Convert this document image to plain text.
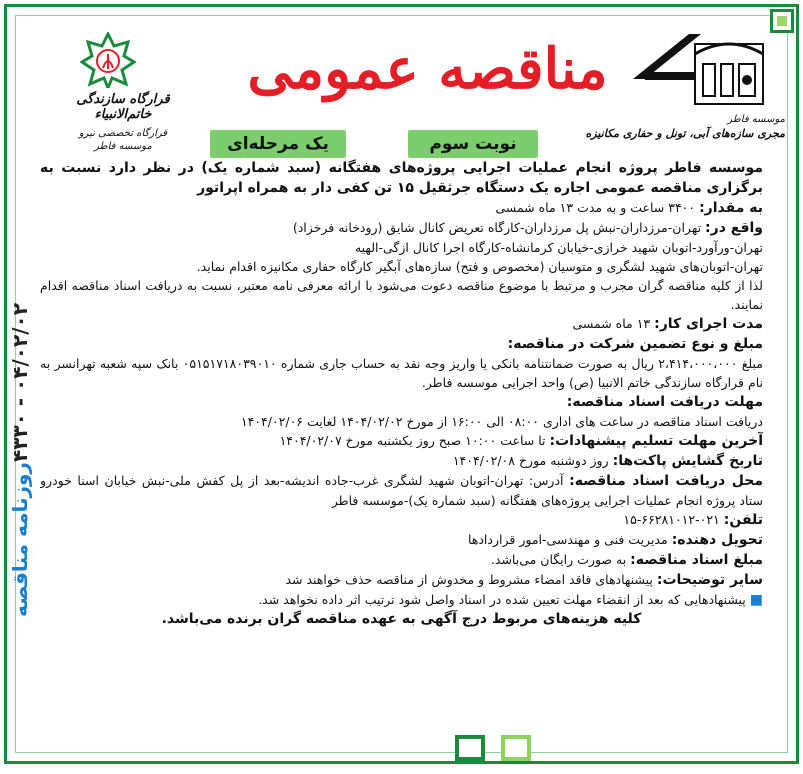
۰۴/۰۲/۰۲ - ۴۳۳۰
روزنامه مناقصه
قرارگاه سازندگی خاتم‌الانبیاء
قرارگاه تخصصی نیرو
موسسه فاطر
مناقصه عمومی
یک مرحله‌ای	نوبت سوم
موسسه فاطر
مجری سازه‌های آبی، تونل و حفاری مکانیزه

موسسه فاطر پروژه انجام عملیات اجرایی پروژه‌های هفتگانه (سبد شماره یک) در نظر دارد نسبت به برگزاری مناقصه عمومی اجاره یک دستگاه جرثقیل ۱۵ تن کفی دار به همراه اپراتور

به مقدار: ۳۴۰۰ ساعت و به مدت ۱۳ ماه شمسی

واقع در: تهران-مرزداران-نبش پل مرزداران-کارگاه تعریض کانال شایق (رودخانه فرخزاد)

تهران-ورآورد-اتوبان شهید خرازی-خیابان کرمانشاه-کارگاه اجرا کانال ازگی-الهیه

تهران-اتوبان‌های شهید لشگری و متوسیان (مخصوص و فتح) سازه‌های آبگیر کارگاه حفاری مکانیزه اقدام نماید.

لذا از کلیه مناقصه گران مجرب و مرتبط با موضوع مناقصه دعوت می‌شود با ارائه معرفی نامه معتبر، نسبت به دریافت اسناد مناقصه اقدام نمایند.

مدت اجرای کار: ۱۳ ماه شمسی

مبلغ و نوع تضمین شرکت در مناقصه:

مبلغ ۲،۴۱۴،۰۰۰،۰۰۰ ریال به صورت ضمانتنامه بانکی یا واریز وجه نقد به حساب جاری شماره ۰۵۱۵۱۷۱۸۰۳۹۰۱۰ بانک سپه شعبه تهرانسر به نام قرارگاه سازندگی خاتم الانبیا (ص) واحد اجرایی موسسه فاطر.

مهلت دریافت اسناد مناقصه:

دریافت اسناد مناقصه در ساعت های اداری ۰۸:۰۰ الی ۱۶:۰۰ از مورخ ۱۴۰۴/۰۲/۰۲ لغایت ۱۴۰۴/۰۲/۰۶

آخرین مهلت تسلیم پیشنهادات: تا ساعت ۱۰:۰۰ صبح روز یکشنبه مورخ ۱۴۰۴/۰۲/۰۷

تاریخ گشایش پاکت‌ها: روز دوشنبه مورخ ۱۴۰۴/۰۲/۰۸

محل دریافت اسناد مناقصه: آدرس: تهران-اتوبان شهید لشگری غرب-جاده اندیشه-بعد از پل کفش ملی-نبش خیابان اسنا خودرو ستاد پروژه انجام عملیات اجرایی پروژه‌های هفتگانه (سبد شماره یک)-موسسه فاطر

تلفن: ۰۲۱-۶۶۲۸۱۰۱۲-۱۵

تحویل دهنده: مدیریت فنی و مهندسی-امور قراردادها

مبلغ اسناد مناقصه: به صورت رایگان می‌باشد.

سایر توضیحات: پیشنهادهای فاقد امضاء مشروط و مخدوش از مناقصه حذف خواهند شد

■ پیشنهادهایی که بعد از انقضاء مهلت تعیین شده در اسناد واصل شود ترتیب اثر داده نخواهد شد.

کلیه هزینه‌های مربوط درج آگهی به عهده مناقصه گران برنده می‌باشد.
